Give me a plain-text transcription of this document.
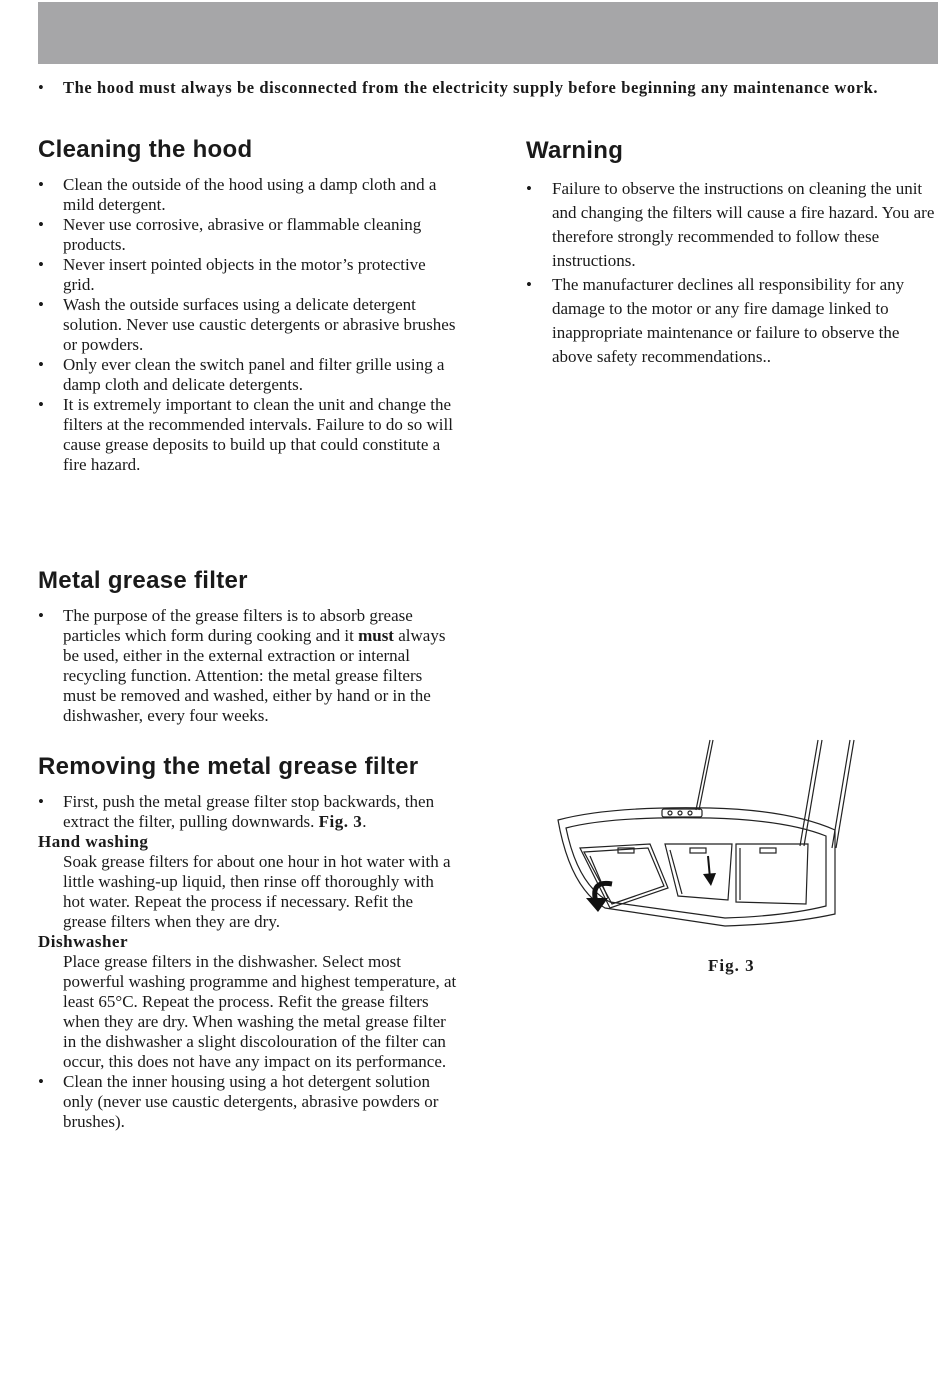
• The hood must always be disconnected from the electricity supply before beginning any maintenance work.
Cleaning the hood
• Clean the outside of the hood using a damp cloth and a mild detergent.
• Never use corrosive, abrasive or flammable cleaning products.
• Never insert pointed objects in the motor’s protective grid.
• Wash the outside surfaces using a delicate detergent solution. Never use caustic detergents or abrasive brushes or powders.
• Only ever clean the switch panel and filter grille using a damp cloth and delicate detergents.
• It is extremely important to clean the unit and change the filters at the recommended intervals. Failure to do so will cause grease deposits to build up that could constitute a fire hazard.
Warning
• Failure to observe the instructions on cleaning the unit and changing the filters will cause a fire hazard. You are therefore strongly recommended to follow these instructions.
• The manufacturer declines all responsibility for any damage to the motor or any fire damage linked to inappropriate maintenance or failure to observe the above safety recommendations..
Metal grease filter
• The purpose of the grease filters is to absorb grease particles which form during cooking and it must always be used, either in the external extraction or internal recycling function. Attention: the metal grease filters must be removed and washed, either by hand or in the dishwasher, every four weeks.
Removing the metal grease filter
• First, push the metal grease filter stop backwards, then extract the filter, pulling downwards. Fig. 3.
Hand washing
Soak grease filters for about one hour in hot water with a little washing-up liquid, then rinse off thoroughly with hot water. Repeat the process if necessary. Refit the grease filters when they are dry.
Dishwasher
Place grease filters in the dishwasher. Select most powerful washing programme and highest temperature, at least 65°C. Repeat the process. Refit the grease filters when they are dry. When washing the metal grease filter in the dishwasher a slight discolouration of the filter can occur, this does not have any impact on its performance.
• Clean the inner housing using a hot detergent solution only (never use caustic detergents, abrasive powders or brushes).
Fig. 3
